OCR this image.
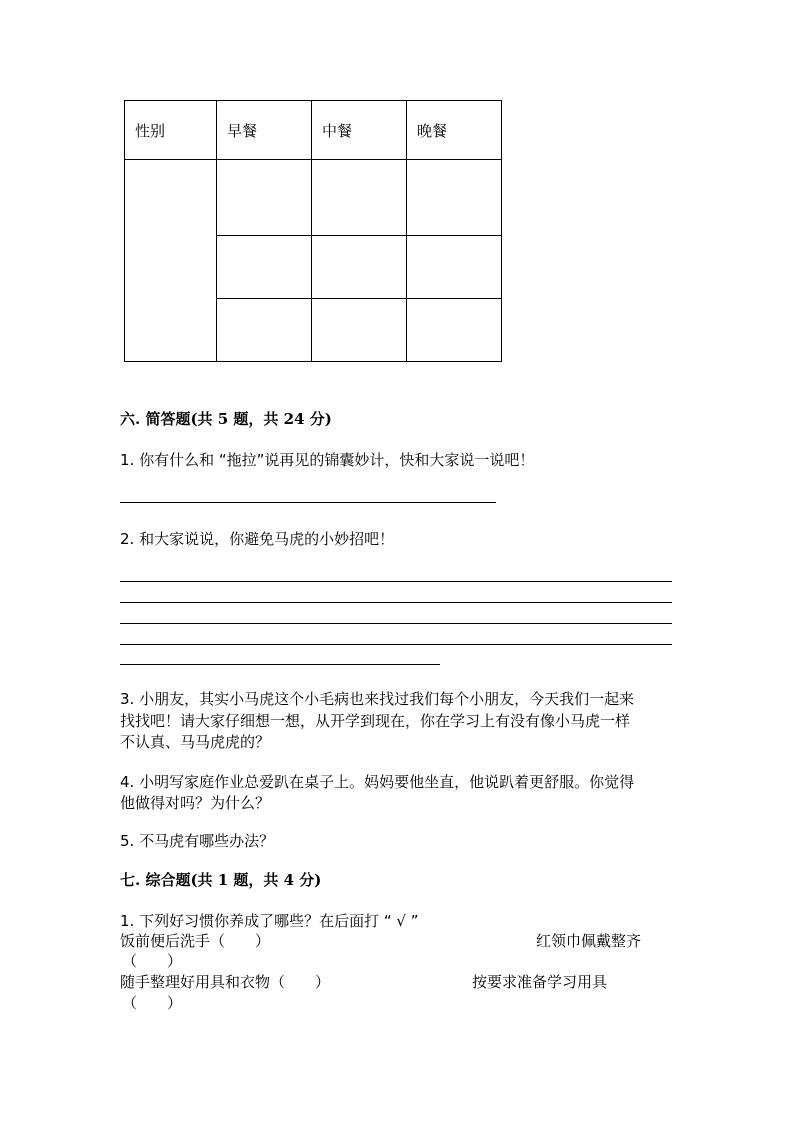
性别	早餐	中餐	晚餐

六. 简答题(共 5 题，共 24 分)
1. 你有什么和 “拖拉”说再见的锦囊妙计，快和大家说一说吧！
2. 和大家说说，你避免马虎的小妙招吧！
3. 小朋友，其实小马虎这个小毛病也来找过我们每个小朋友，今天我们一起来
找找吧！请大家仔细想一想，从开学到现在，你在学习上有没有像小马虎一样
不认真、马马虎虎的？
4. 小明写家庭作业总爱趴在桌子上。妈妈要他坐直，他说趴着更舒服。你觉得
他做得对吗？为什么？
5. 不马虎有哪些办法？
七. 综合题(共 1 题，共 4 分)
1. 下列好习惯你养成了哪些？在后面打 “ √ ”
饭前便后洗手（　　）	红领巾佩戴整齐
（　　）
随手整理好用具和衣物（　　）	按要求准备学习用具
（　　）
